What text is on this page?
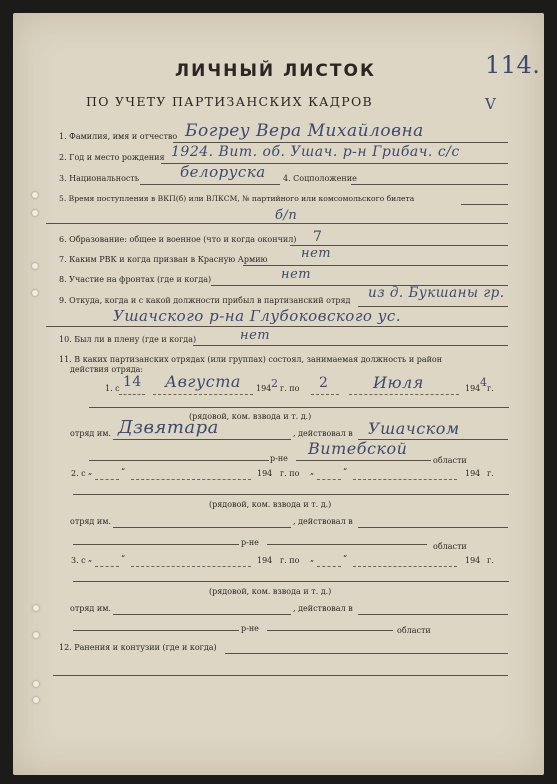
ЛИЧНЫЙ ЛИСТОК	114.
ПО УЧЕТУ ПАРТИЗАНСКИХ КАДРОВ	V
1. Фамилия, имя и отчество Богреу Вера Михайловна
2. Год и место рождения 1924. Вит. об. Ушач. р-н Грибач. с/с
3. Национальность	белоруска 4. Соцположение
5. Время поступления в ВКП(б) или ВЛКСМ, № партийного или комсомольского билета
б/п
6. Образование: общее и военное (что и когда окончил) 7
7. Каким РВК и когда призван в Красную Армию	нет
8. Участие на фронтах (где и когда)	нет
9. Откуда, когда и с какой должности прибыл в партизанский отряд из д. Букшаны гр.
Ушачского р-на Глубоковского ус.
10. Был ли в плену (где и когда)	нет
11. В каких партизанских отрядах (или группах) состоял, занимаемая должность и район
действия отряда:
1. с 14 Августа 194 2 г. по 2	Июля	194 4 г.
(рядовой, ком. взвода и т. д.)
отряд им. Дзвятара	, действовал в Ушачском
р-не
Витебской
области
2. с „	“	194 г. по „	“	194 г.
(рядовой, ком. взвода и т. д.)
отряд им.	, действовал в
р-не	области
3. с „	“	194 г. по „	“	194 г.
(рядовой, ком. взвода и т. д.)
отряд им.	, действовал в
р-не	области
12. Ранения и контузии (где и когда)
